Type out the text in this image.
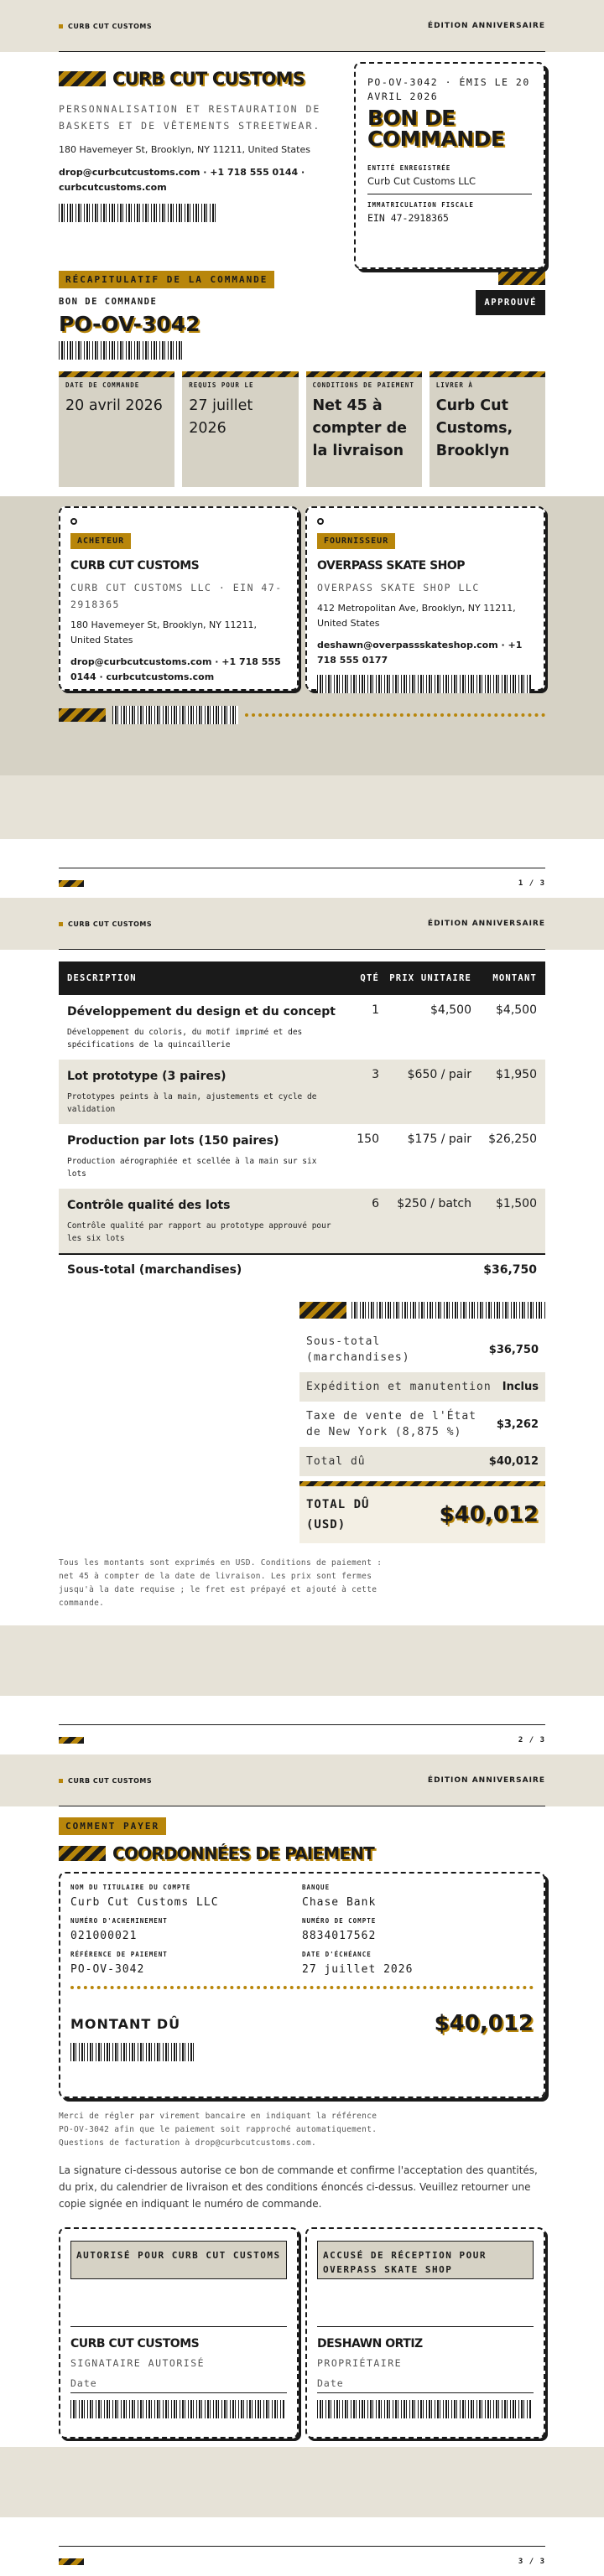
CURB CUT CUSTOMS	ÉDITION ANNIVERSAIRE
CURB CUT CUSTOMS
PERSONNALISATION ET RESTAURATION DE BASKETS ET DE VÊTEMENTS STREETWEAR.
180 Havemeyer St, Brooklyn, NY 11211, United States
drop@curbcutcustoms.com · +1 718 555 0144 · curbcutcustoms.com
PO-OV-3042 · ÉMIS LE 20 AVRIL 2026
BON DE COMMANDE
ENTITÉ ENREGISTRÉE
Curb Cut Customs LLC
IMMATRICULATION FISCALE
EIN 47-2918365
RÉCAPITULATIF DE LA COMMANDE
BON DE COMMANDE
PO-OV-3042
APPROUVÉ
DATE DE COMMANDE
20 avril 2026
REQUIS POUR LE
27 juillet 2026
CONDITIONS DE PAIEMENT
Net 45 à compter de la livraison
LIVRER À
Curb Cut Customs, Brooklyn
ACHETEUR
CURB CUT CUSTOMS
CURB CUT CUSTOMS LLC · EIN 47-2918365
180 Havemeyer St, Brooklyn, NY 11211, United States
drop@curbcutcustoms.com · +1 718 555 0144 · curbcutcustoms.com
FOURNISSEUR
OVERPASS SKATE SHOP
OVERPASS SKATE SHOP LLC
412 Metropolitan Ave, Brooklyn, NY 11211, United States
deshawn@overpassskateshop.com · +1 718 555 0177
1 / 3
CURB CUT CUSTOMS	ÉDITION ANNIVERSAIRE
DESCRIPTION	QTÉ	PRIX UNITAIRE	MONTANT
Développement du design et du concept
Développement du coloris, du motif imprimé et des spécifications de la quincaillerie
1	$4,500	$4,500
Lot prototype (3 paires)
Prototypes peints à la main, ajustements et cycle de validation
3	$650 / pair	$1,950
Production par lots (150 paires)
Production aérographiée et scellée à la main sur six lots
150	$175 / pair	$26,250
Contrôle qualité des lots
Contrôle qualité par rapport au prototype approuvé pour les six lots
6	$250 / batch	$1,500
Sous-total (marchandises)	$36,750
Sous-total (marchandises)
$36,750
Expédition et manutention Inclus
Taxe de vente de l'État de New York (8,875 %)
$3,262
Total dû	$40,012
TOTAL DÛ (USD)	$40,012
Tous les montants sont exprimés en USD. Conditions de paiement : net 45 à compter de la date de livraison. Les prix sont fermes jusqu'à la date requise ; le fret est prépayé et ajouté à cette commande.
2 / 3
CURB CUT CUSTOMS	ÉDITION ANNIVERSAIRE
COMMENT PAYER
COORDONNÉES DE PAIEMENT
NOM DU TITULAIRE DU COMPTE
Curb Cut Customs LLC
NUMÉRO D'ACHEMINEMENT
021000021
RÉFÉRENCE DE PAIEMENT
PO-OV-3042
BANQUE
Chase Bank
NUMÉRO DE COMPTE
8834017562
DATE D'ÉCHÉANCE
27 juillet 2026
MONTANT DÛ	$40,012
Merci de régler par virement bancaire en indiquant la référence PO-OV-3042 afin que le paiement soit rapproché automatiquement. Questions de facturation à drop@curbcutcustoms.com.
La signature ci-dessous autorise ce bon de commande et confirme l'acceptation des quantités, du prix, du calendrier de livraison et des conditions énoncés ci-dessus. Veuillez retourner une copie signée en indiquant le numéro de commande.
AUTORISÉ POUR CURB CUT CUSTOMS
CURB CUT CUSTOMS
SIGNATAIRE AUTORISÉ
Date
ACCUSÉ DE RÉCEPTION POUR OVERPASS SKATE SHOP
DESHAWN ORTIZ
PROPRIÉTAIRE
Date
3 / 3
